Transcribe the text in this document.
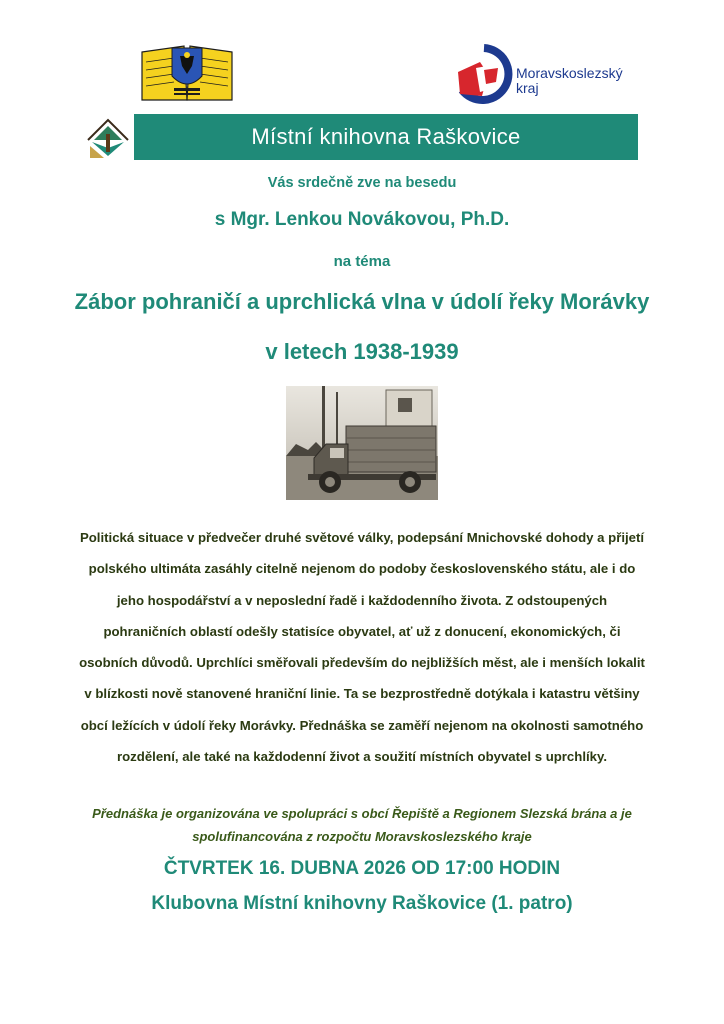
Moravskoslezský
kraj
Místní knihovna Raškovice
Vás srdečně zve na besedu
s Mgr. Lenkou Novákovou, Ph.D.
na téma
Zábor pohraničí a uprchlická vlna v údolí řeky Morávky
v letech 1938-1939
Politická situace v předvečer druhé světové války, podepsání Mnichovské dohody a přijetí
polského ultimáta zasáhly citelně nejenom do podoby československého státu, ale i do
jeho hospodářství a v neposlední řadě i každodenního života. Z odstoupených
pohraničních oblastí odešly statisíce obyvatel, ať už z donucení, ekonomických, či
osobních důvodů. Uprchlíci směřovali především do nejbližších měst, ale i menších lokalit
v blízkosti nově stanovené hraniční linie. Ta se bezprostředně dotýkala i katastru většiny
obcí ležících v údolí řeky Morávky. Přednáška se zaměří nejenom na okolnosti samotného
rozdělení, ale také na každodenní život a soužití místních obyvatel s uprchlíky.
Přednáška je organizována ve spolupráci s obcí Řepiště a Regionem Slezská brána a je
spolufinancována z rozpočtu Moravskoslezského kraje
ČTVRTEK 16. DUBNA 2026 OD 17:00 HODIN
Klubovna Místní knihovny Raškovice (1. patro)
